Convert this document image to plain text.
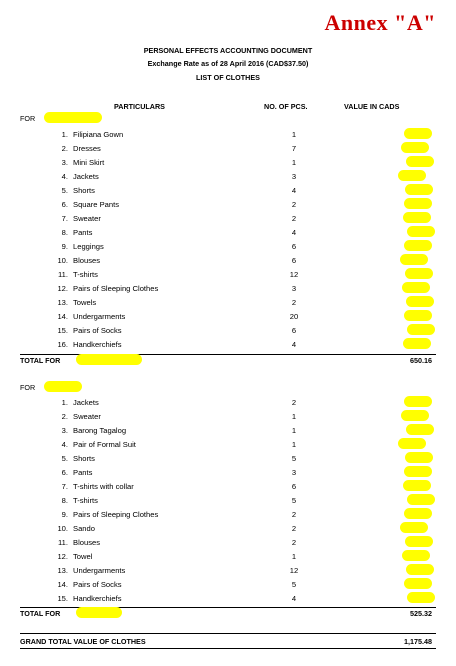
Annex "A"
PERSONAL EFFECTS ACCOUNTING DOCUMENT
Exchange Rate as of 28 April 2016 (CAD$37.50)
LIST OF CLOTHES
PARTICULARS	NO. OF PCS.	VALUE IN CADS
FOR
1. Filipiana Gown	1
2. Dresses	7
3. Mini Skirt	1
4. Jackets	3
5. Shorts	4
6. Square Pants	2
7. Sweater	2
8. Pants	4
9. Leggings	6
10. Blouses	6
11. T-shirts	12
12. Pairs of Sleeping Clothes	3
13. Towels	2
14. Undergarments	20
15. Pairs of Socks	6
16. Handkerchiefs	4
TOTAL FOR	650.16
FOR
1. Jackets	2
2. Sweater	1
3. Barong Tagalog	1
4. Pair of Formal Suit	1
5. Shorts	5
6. Pants	3
7. T-shirts with collar	6
8. T-shirts	5
9. Pairs of Sleeping Clothes	2
10. Sando	2
11. Blouses	2
12. Towel	1
13. Undergarments	12
14. Pairs of Socks	5
15. Handkerchiefs	4
TOTAL FOR	525.32
GRAND TOTAL VALUE OF CLOTHES	1,175.48
